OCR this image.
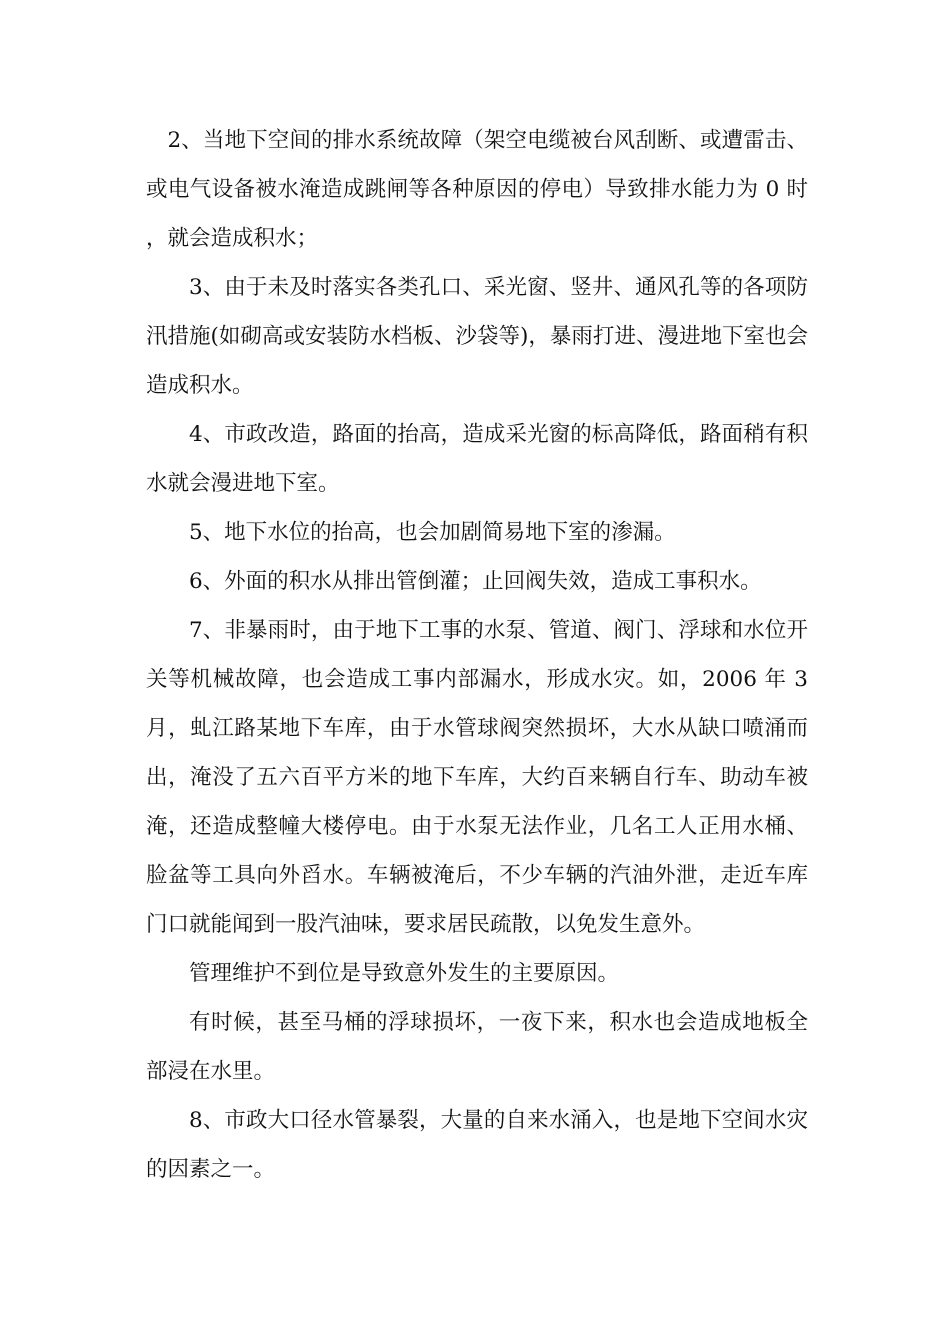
2、当地下空间的排水系统故障（架空电缆被台风刮断、或遭雷击、或电气设备被水淹造成跳闸等各种原因的停电）导致排水能力为 0 时，就会造成积水；

3、由于未及时落实各类孔口、采光窗、竖井、通风孔等的各项防汛措施(如砌高或安装防水档板、沙袋等)，暴雨打进、漫进地下室也会造成积水。

4、市政改造，路面的抬高，造成采光窗的标高降低，路面稍有积水就会漫进地下室。

5、地下水位的抬高，也会加剧简易地下室的渗漏。

6、外面的积水从排出管倒灌；止回阀失效，造成工事积水。

7、非暴雨时，由于地下工事的水泵、管道、阀门、浮球和水位开关等机械故障，也会造成工事内部漏水，形成水灾。如，2006 年 3 月，虬江路某地下车库，由于水管球阀突然损坏，大水从缺口喷涌而出，淹没了五六百平方米的地下车库，大约百来辆自行车、助动车被淹，还造成整幢大楼停电。由于水泵无法作业，几名工人正用水桶、脸盆等工具向外舀水。车辆被淹后，不少车辆的汽油外泄，走近车库门口就能闻到一股汽油味，要求居民疏散，以免发生意外。

管理维护不到位是导致意外发生的主要原因。

有时候，甚至马桶的浮球损坏，一夜下来，积水也会造成地板全部浸在水里。

8、市政大口径水管暴裂，大量的自来水涌入，也是地下空间水灾的因素之一。
